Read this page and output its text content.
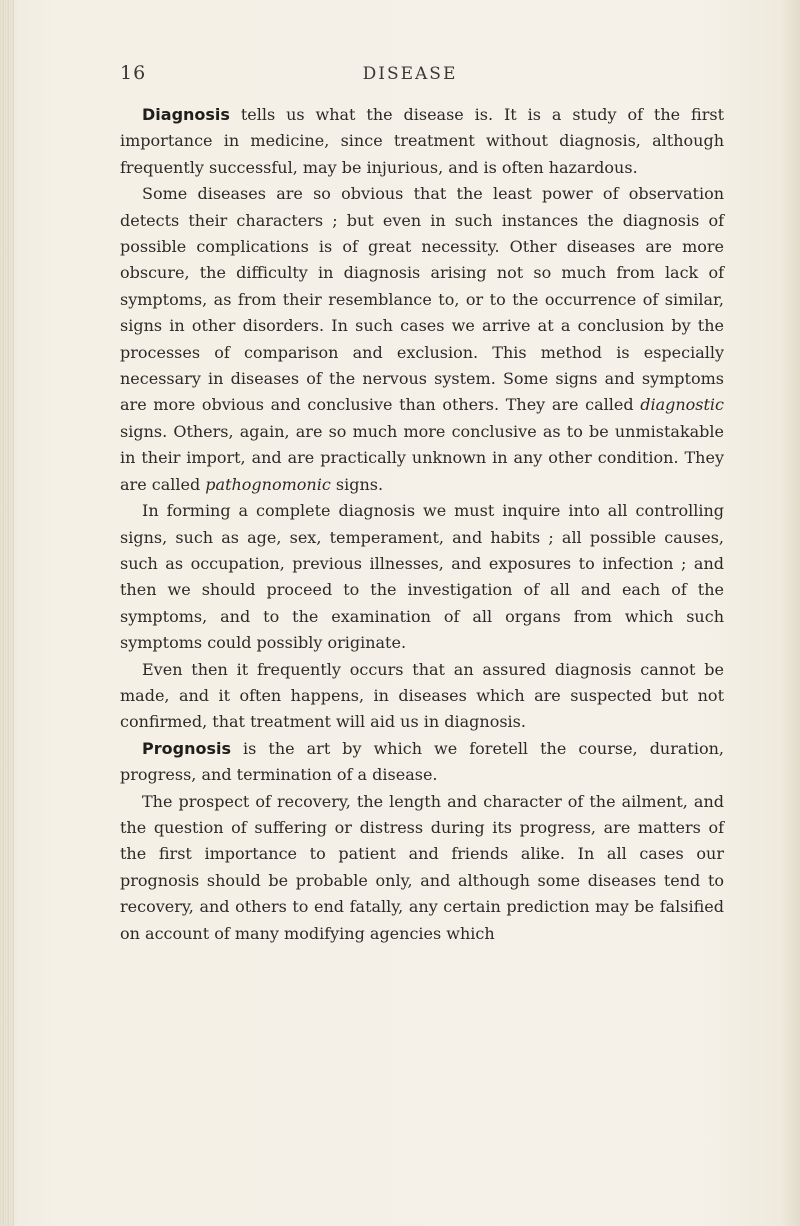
16	DISEASE

Diagnosis tells us what the disease is. It is a study of the first importance in medicine, since treatment without diagnosis, although frequently successful, may be injurious, and is often hazardous.

Some diseases are so obvious that the least power of observation detects their characters ; but even in such instances the diagnosis of possible complications is of great necessity. Other diseases are more obscure, the difficulty in diagnosis arising not so much from lack of symptoms, as from their resemblance to, or to the occurrence of similar, signs in other disorders. In such cases we arrive at a conclusion by the processes of comparison and exclusion. This method is especially necessary in diseases of the nervous system. Some signs and symptoms are more obvious and conclusive than others. They are called diagnostic signs. Others, again, are so much more conclusive as to be unmistakable in their import, and are practically unknown in any other condition. They are called pathognomonic signs.

In forming a complete diagnosis we must inquire into all controlling signs, such as age, sex, temperament, and habits ; all possible causes, such as occupation, previous illnesses, and exposures to infection ; and then we should proceed to the investigation of all and each of the symptoms, and to the examination of all organs from which such symptoms could possibly originate.

Even then it frequently occurs that an assured diagnosis cannot be made, and it often happens, in diseases which are suspected but not confirmed, that treatment will aid us in diagnosis.

Prognosis is the art by which we foretell the course, duration, progress, and termination of a disease.

The prospect of recovery, the length and character of the ailment, and the question of suffering or distress during its progress, are matters of the first importance to patient and friends alike. In all cases our prognosis should be probable only, and although some diseases tend to recovery, and others to end fatally, any certain prediction may be falsified on account of many modifying agencies which
